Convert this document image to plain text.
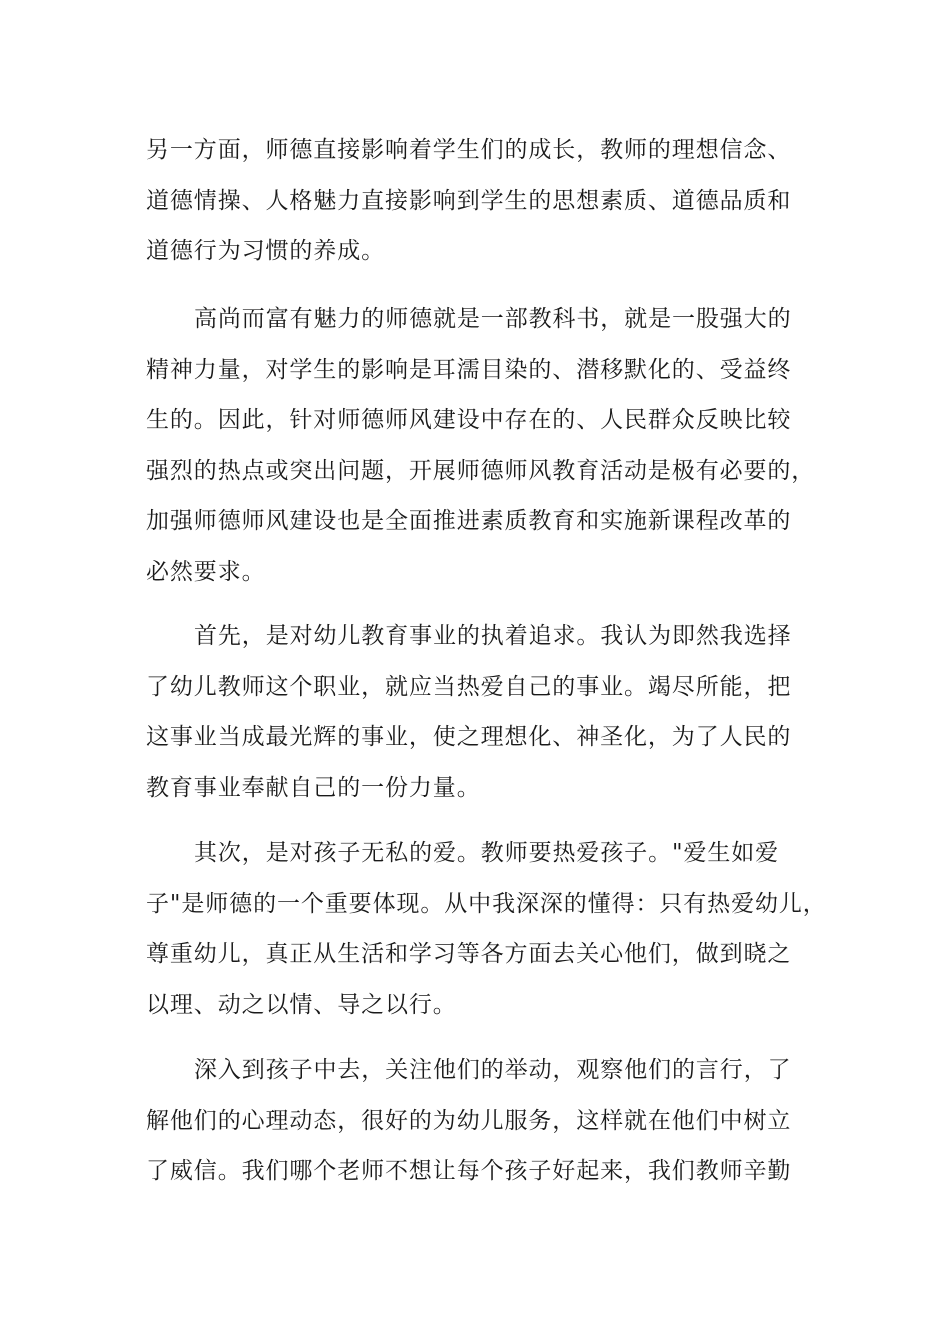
另一方面，师德直接影响着学生们的成长，教师的理想信念、
道德情操、人格魅力直接影响到学生的思想素质、道德品质和
道德行为习惯的养成。

高尚而富有魅力的师德就是一部教科书，就是一股强大的
精神力量，对学生的影响是耳濡目染的、潜移默化的、受益终
生的。因此，针对师德师风建设中存在的、人民群众反映比较
强烈的热点或突出问题，开展师德师风教育活动是极有必要的，
加强师德师风建设也是全面推进素质教育和实施新课程改革的
必然要求。

首先，是对幼儿教育事业的执着追求。我认为即然我选择
了幼儿教师这个职业，就应当热爱自己的事业。竭尽所能，把
这事业当成最光辉的事业，使之理想化、神圣化，为了人民的
教育事业奉献自己的一份力量。

其次，是对孩子无私的爱。教师要热爱孩子。"爱生如爱
子"是师德的一个重要体现。从中我深深的懂得：只有热爱幼儿，
尊重幼儿，真正从生活和学习等各方面去关心他们，做到晓之
以理、动之以情、导之以行。

深入到孩子中去，关注他们的举动，观察他们的言行，了
解他们的心理动态，很好的为幼儿服务，这样就在他们中树立
了威信。我们哪个老师不想让每个孩子好起来，我们教师辛勤
